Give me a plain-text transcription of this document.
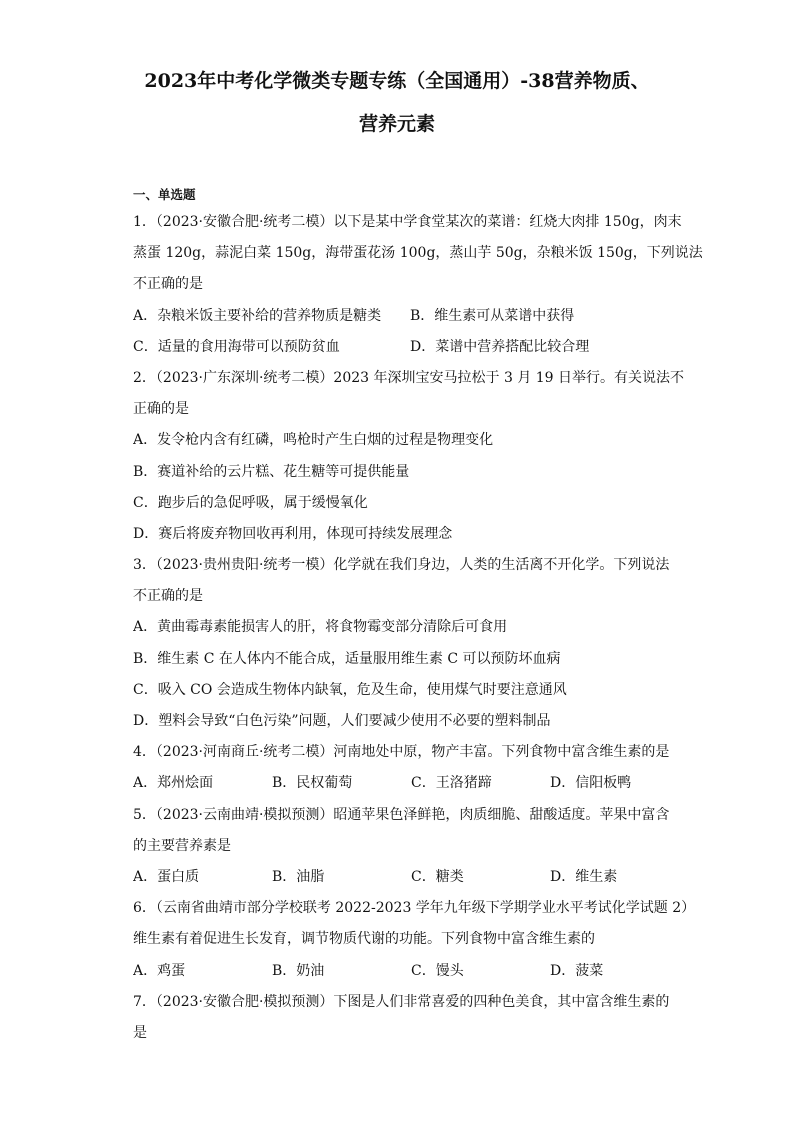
2023年中考化学微类专题专练（全国通用）-38营养物质、
营养元素
一、单选题
1．（2023·安徽合肥·统考二模）以下是某中学食堂某次的菜谱：红烧大肉排 150g，肉末
蒸蛋 120g，蒜泥白菜 150g，海带蛋花汤 100g，蒸山芋 50g，杂粮米饭 150g，下列说法
不正确的是
A．杂粮米饭主要补给的营养物质是糖类 B．维生素可从菜谱中获得
C．适量的食用海带可以预防贫血	D．菜谱中营养搭配比较合理
2．（2023·广东深圳·统考二模）2023 年深圳宝安马拉松于 3 月 19 日举行。有关说法不
正确的是
A．发令枪内含有红磷，鸣枪时产生白烟的过程是物理变化
B．赛道补给的云片糕、花生糖等可提供能量
C．跑步后的急促呼吸，属于缓慢氧化
D．赛后将废弃物回收再利用，体现可持续发展理念
3．（2023·贵州贵阳·统考一模）化学就在我们身边，人类的生活离不开化学。下列说法
不正确的是
A．黄曲霉毒素能损害人的肝，将食物霉变部分清除后可食用
B．维生素 C 在人体内不能合成，适量服用维生素 C 可以预防坏血病
C．吸入 CO 会造成生物体内缺氧，危及生命，使用煤气时要注意通风
D．塑料会导致“白色污染”问题，人们要减少使用不必要的塑料制品
4．（2023·河南商丘·统考二模）河南地处中原，物产丰富。下列食物中富含维生素的是
A．郑州烩面	B．民权葡萄	C．王洛猪蹄	D．信阳板鸭
5．（2023·云南曲靖·模拟预测）昭通苹果色泽鲜艳，肉质细脆、甜酸适度。苹果中富含
的主要营养素是
A．蛋白质	B．油脂	C．糖类	D．维生素
6．（云南省曲靖市部分学校联考 2022-2023 学年九年级下学期学业水平考试化学试题 2）
维生素有着促进生长发育，调节物质代谢的功能。下列食物中富含维生素的
A．鸡蛋	B．奶油	C．馒头	D．菠菜
7．（2023·安徽合肥·模拟预测）下图是人们非常喜爱的四种色美食，其中富含维生素的
是
